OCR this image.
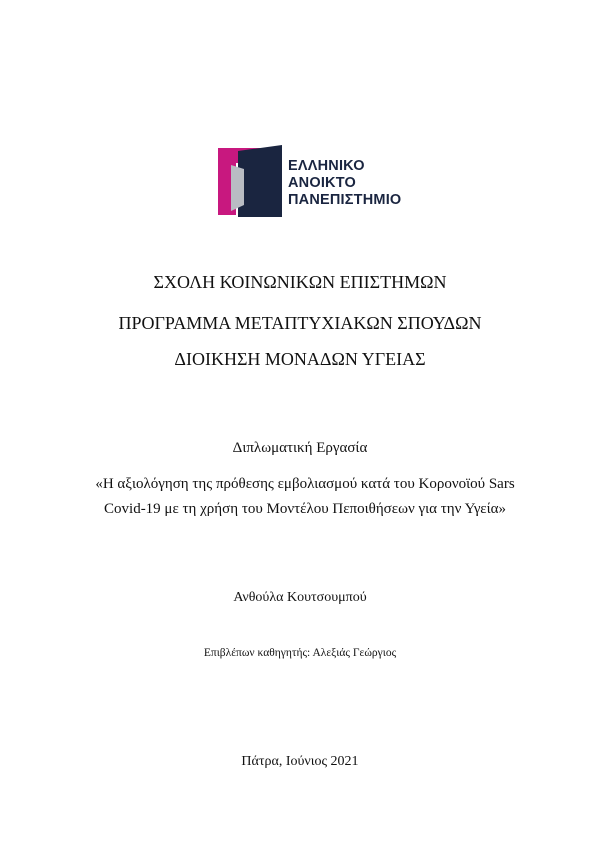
ΕΛΛΗΝΙΚΟ
ΑΝΟΙΚΤΟ
ΠΑΝΕΠΙΣΤΗΜΙΟ
ΣΧΟΛΗ ΚΟΙΝΩΝΙΚΩΝ ΕΠΙΣΤΗΜΩΝ
ΠΡΟΓΡΑΜΜΑ ΜΕΤΑΠΤΥΧΙΑΚΩΝ ΣΠΟΥΔΩΝ
ΔΙΟΙΚΗΣΗ ΜΟΝΑΔΩΝ ΥΓΕΙΑΣ
Διπλωματική Εργασία
«Η αξιολόγηση της πρόθεσης εμβολιασμού κατά του Κορονοϊού Sars Covid-19 με τη χρήση του Μοντέλου Πεποιθήσεων για την Υγεία»
Ανθούλα Κουτσουμπού
Επιβλέπων καθηγητής: Αλεξιάς Γεώργιος
Πάτρα, Ιούνιος 2021
